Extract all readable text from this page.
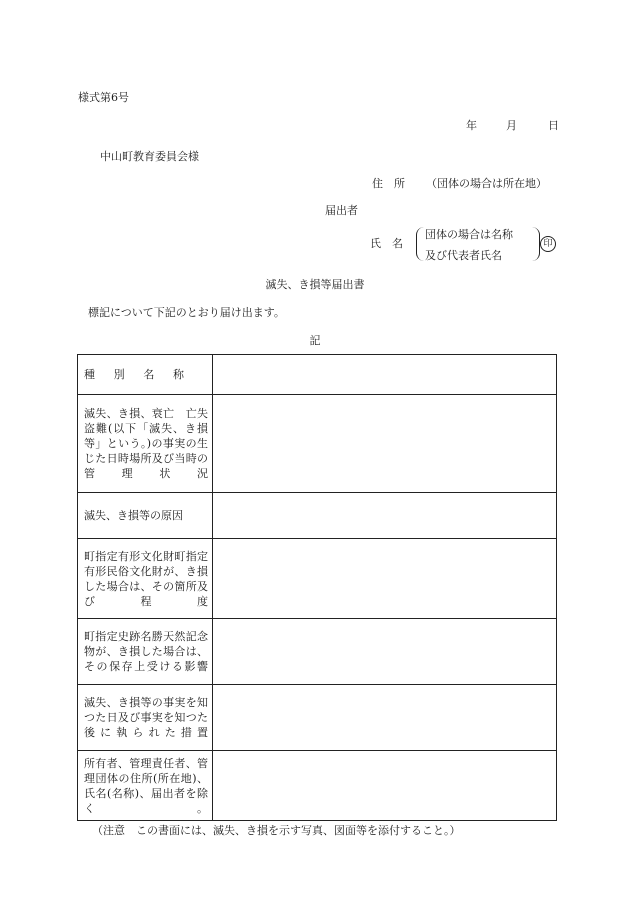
様式第6号
年	月	日
中山町教育委員会様
住　所 （団体の場合は所在地）
届出者
氏　名
団体の場合は名称
及び代表者氏名
印
滅失、き損等届出書
標記について下記のとおり届け出ます。
記
種 別 名 称	

滅失、き損、衰亡　亡失盗難(以下「滅失、き損等」という。)の事実の生じた日時場所及び当時の管理状況	
滅失、き損等の原因	
町指定有形文化財町指定有形民俗文化財が、き損した場合は、その箇所及び程度	
町指定史跡名勝天然記念物が、き損した場合は、その保存上受ける影響	
滅失、き損等の事実を知つた日及び事実を知つた後に執られた措置	
所有者、管理責任者、管理団体の住所(所在地)、氏名(名称)、届出者を除く。	
（注意　この書面には、滅失、き損を示す写真、図面等を添付すること。）
